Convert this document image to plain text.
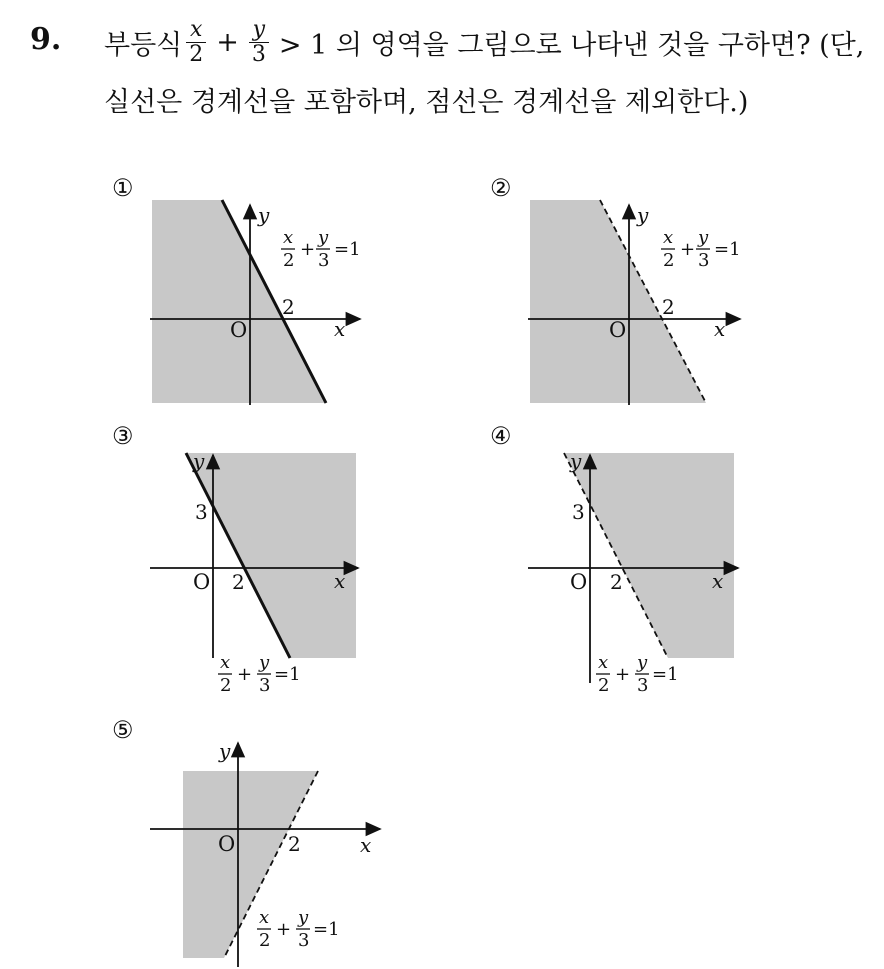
9. 부등식 $\frac{x}{2} + \frac{y}{3} > 1$ 의 영역을 그림으로 나타낸 것을 구하면? (단,
실선은 경계선을 포함하며, 점선은 경계선을 제외한다.)
①
y
x
O
2
x
2
+
y
3
=1
②
y
x
O
2
x
2
+
y
3
=1
③
y
x
O 2
3
x
2
+
y
3
=1
④
y
x
O 2
3
x
2
+
y
3
=1
⑤
y
x
O	2
x
2
+
y
3
=1
